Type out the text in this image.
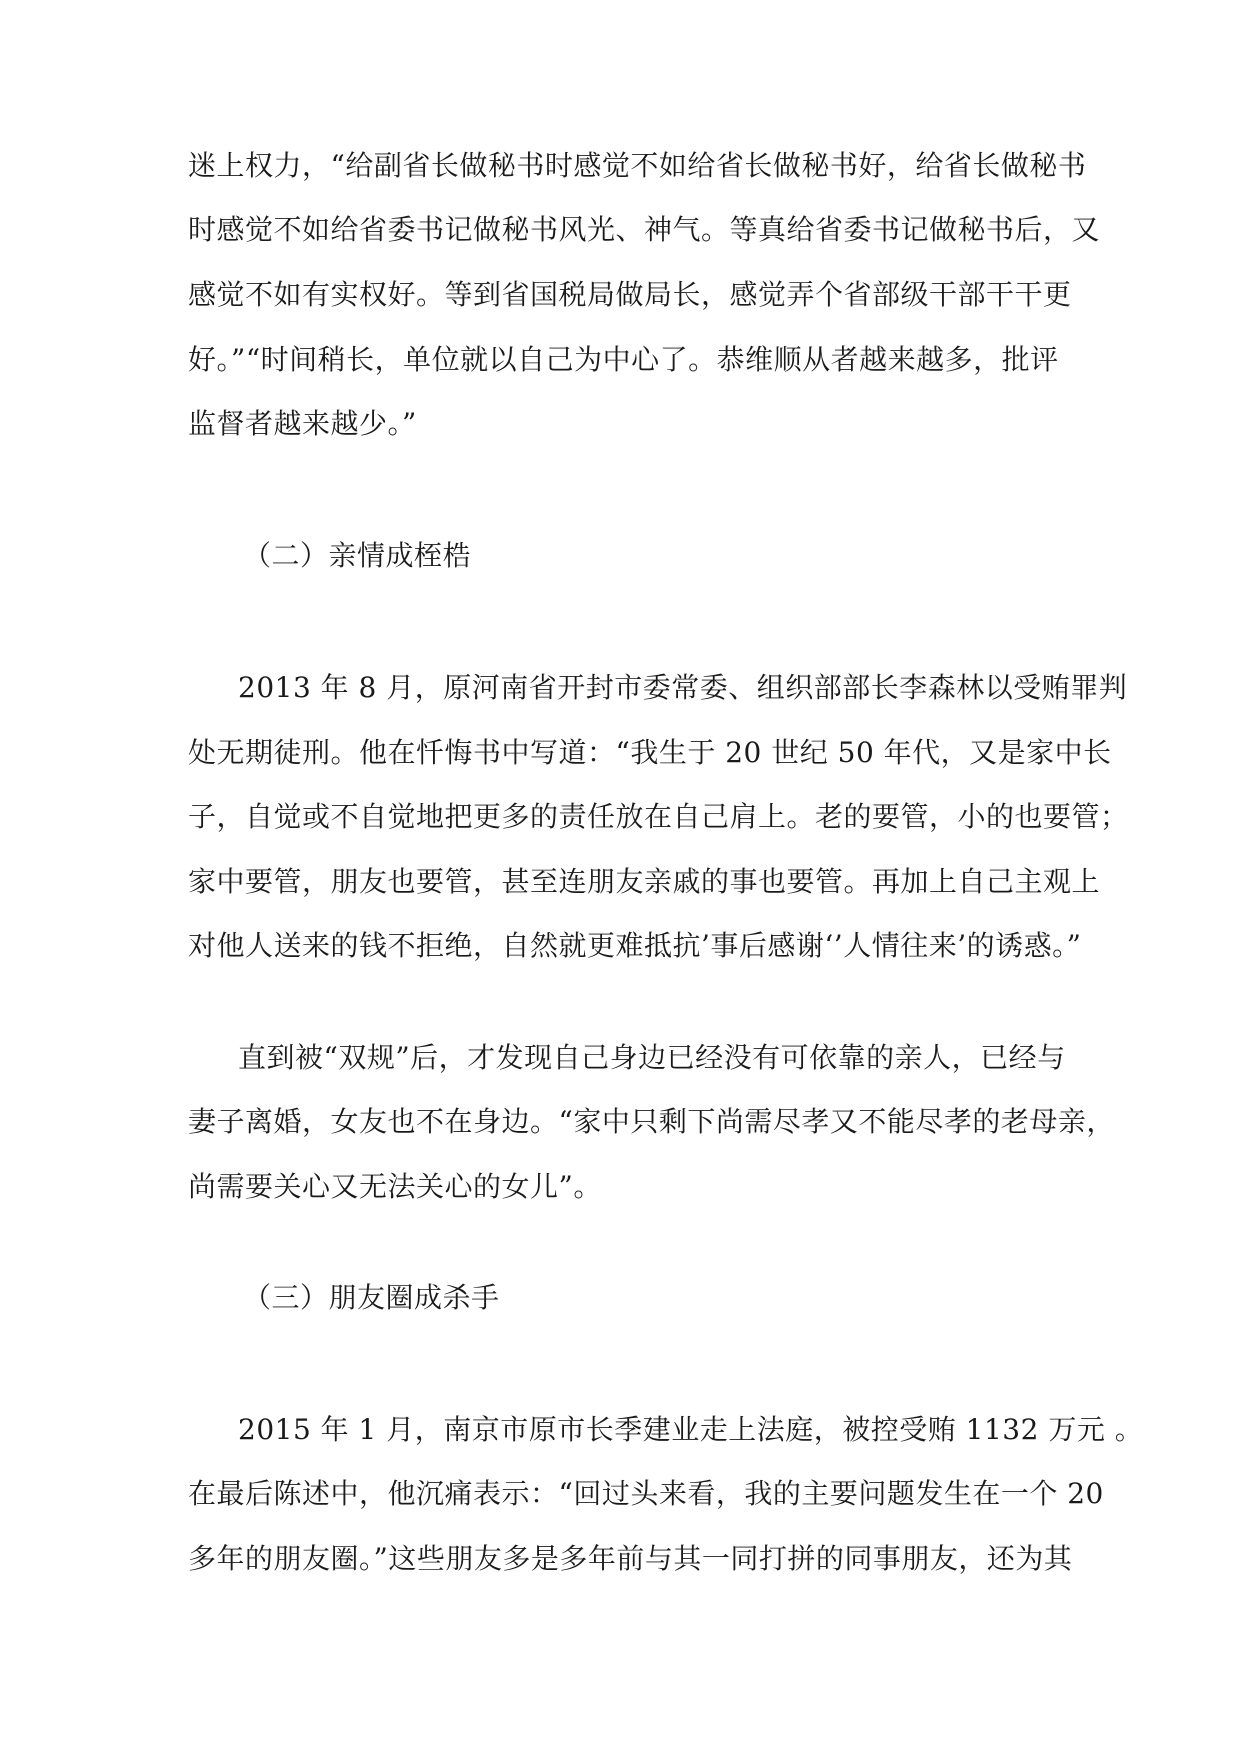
迷上权力，“给副省长做秘书时感觉不如给省长做秘书好，给省长做秘书
时感觉不如给省委书记做秘书风光、神气。等真给省委书记做秘书后，又
感觉不如有实权好。等到省国税局做局长，感觉弄个省部级干部干干更
好。”“时间稍长，单位就以自己为中心了。恭维顺从者越来越多，批评
监督者越来越少。”
（二）亲情成桎梏
2013 年 8 月，原河南省开封市委常委、组织部部长李森林以受贿罪判
处无期徒刑。他在忏悔书中写道：“我生于 20 世纪 50 年代，又是家中长
子，自觉或不自觉地把更多的责任放在自己肩上。老的要管，小的也要管；
家中要管，朋友也要管，甚至连朋友亲戚的事也要管。再加上自己主观上
对他人送来的钱不拒绝，自然就更难抵抗’事后感谢‘’人情往来’的诱惑。”
直到被“双规”后，才发现自己身边已经没有可依靠的亲人，已经与
妻子离婚，女友也不在身边。“家中只剩下尚需尽孝又不能尽孝的老母亲，
尚需要关心又无法关心的女儿”。
（三）朋友圈成杀手
2015 年 1 月，南京市原市长季建业走上法庭，被控受贿 1132 万元 。
在最后陈述中，他沉痛表示：“回过头来看，我的主要问题发生在一个 20
多年的朋友圈。”这些朋友多是多年前与其一同打拼的同事朋友，还为其
